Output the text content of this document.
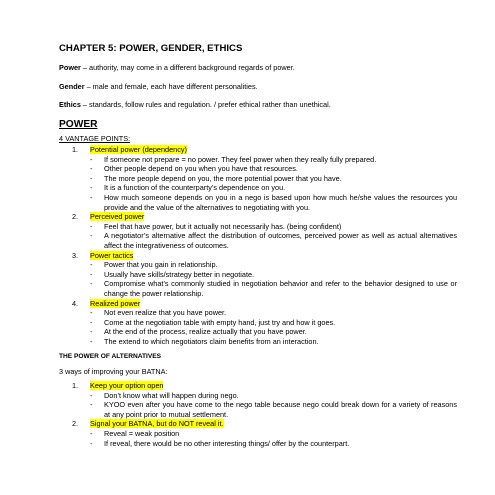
CHAPTER 5: POWER, GENDER, ETHICS
Power – authority, may come in a different background regards of power.
Gender – male and female, each have different personalities.
Ethics – standards, follow rules and regulation. / prefer ethical rather than unethical.
POWER
4 VANTAGE POINTS:
1. Potential power (dependency)
- If someone not prepare = no power. They feel power when they really fully prepared.
- Other people depend on you when you have that resources.
- The more people depend on you, the more potential power that you have.
- It is a function of the counterparty’s dependence on you.
- How much someone depends on you in a nego is based upon how much he/she values the resources you provide and the value of the alternatives to negotiating with you.
2. Perceived power
- Feel that have power, but it actually not necessarily has. (being confident)
- A negotiator’s alternative affect the distribution of outcomes, perceived power as well as actual alternatives affect the integrativeness of outcomes.
3. Power tactics
- Power that you gain in relationship.
- Usually have skills/strategy better in negotiate.
- Compromise what’s commonly studied in negotiation behavior and refer to the behavior designed to use or change the power relationship.
4. Realized power
- Not even realize that you have power.
- Come at the negotiation table with empty hand, just try and how it goes.
- At the end of the process, realize actually that you have power.
- The extend to which negotiators claim benefits from an interaction.
THE POWER OF ALTERNATIVES
3 ways of improving your BATNA:
1. Keep your option open
- Don’t know what will happen during nego.
- KYOO even after you have come to the nego table because nego could break down for a variety of reasons at any point prior to mutual settlement.
2. Signal your BATNA, but do NOT reveal it.
- Reveal = weak position
- If reveal, there would be no other interesting things/ offer by the counterpart.
